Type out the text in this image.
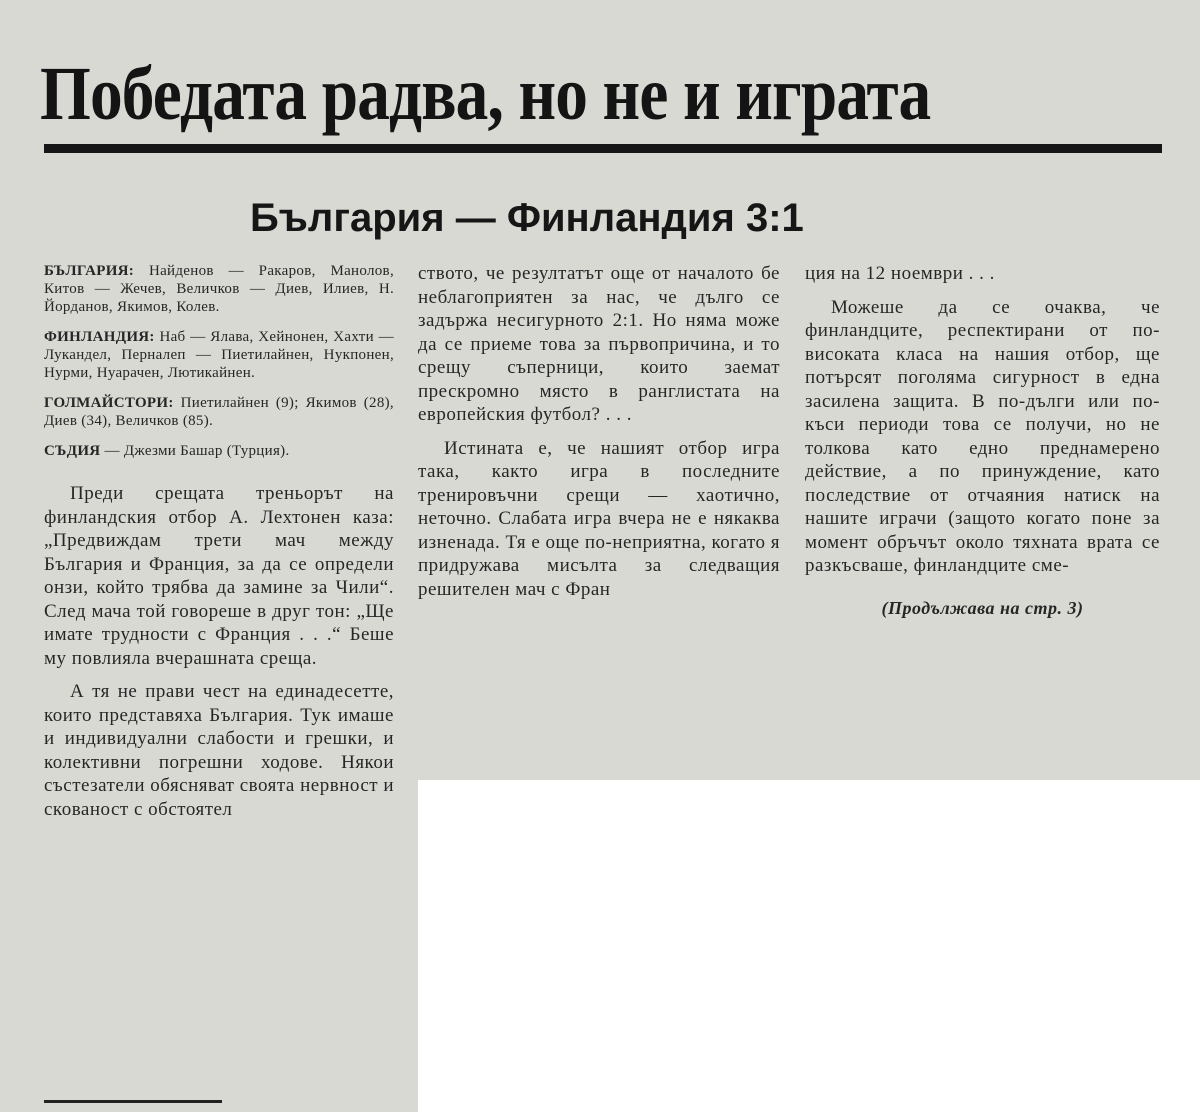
Победата радва, но не и играта
България — Финландия 3:1

БЪЛГАРИЯ: Найденов — Ракаров, Манолов, Китов — Жечев, Величков — Диев, Илиев, Н. Йорданов, Якимов, Колев.

ФИНЛАНДИЯ: Наб — Ялава, Хейнонен, Хахти — Лукандел, Перналеп — Пиетилайнен, Нукпонен, Нурми, Нуарачен, Лютикайнен.

ГОЛМАЙСТОРИ: Пиетилайнен (9); Якимов (28), Диев (34), Величков (85).

СЪДИЯ — Джезми Башар (Турция).

Преди срещата треньорът на финландския отбор А. Лехтонен каза: „Предвиждам трети мач между България и Франция, за да се определи онзи, който трябва да замине за Чили“. След мача той говореше в друг тон: „Ще имате трудности с Франция . . .“ Беше му повлияла вчерашната среща.

А тя не прави чест на единадесетте, които представяха България. Тук имаше и индивидуални слабости и грешки, и колективни погрешни ходове. Някои състезатели обясняват своята нервност и скованост с обстоятел

ството, че резултатът още от началото бе неблагоприятен за нас, че дълго се задържа несигурното 2:1. Но няма може да се приеме това за първопричина, и то срещу съперници, които заемат прескромно място в ранглистата на европейския футбол? . . .

Истината е, че нашият отбор игра така, както игра в последните тренировъчни срещи — хаотично, неточно. Слабата игра вчера не е някаква изненада. Тя е още по-неприятна, когато я придружава мисълта за следващия решителен мач с Фран

ция на 12 ноември . . .

Можеше да се очаква, че финландците, респектирани от по-високата класа на нашия отбор, ще потърсят поголяма сигурност в една засилена защита. В по-дълги или по-къси периоди това се получи, но не толкова като едно преднамерено действие, а по принуждение, като последствие от отчаяния натиск на нашите играчи (защото когато поне за момент обръчът около тяхната врата се разкъсваше, финландците сме-

(Продължава на стр. 3)
